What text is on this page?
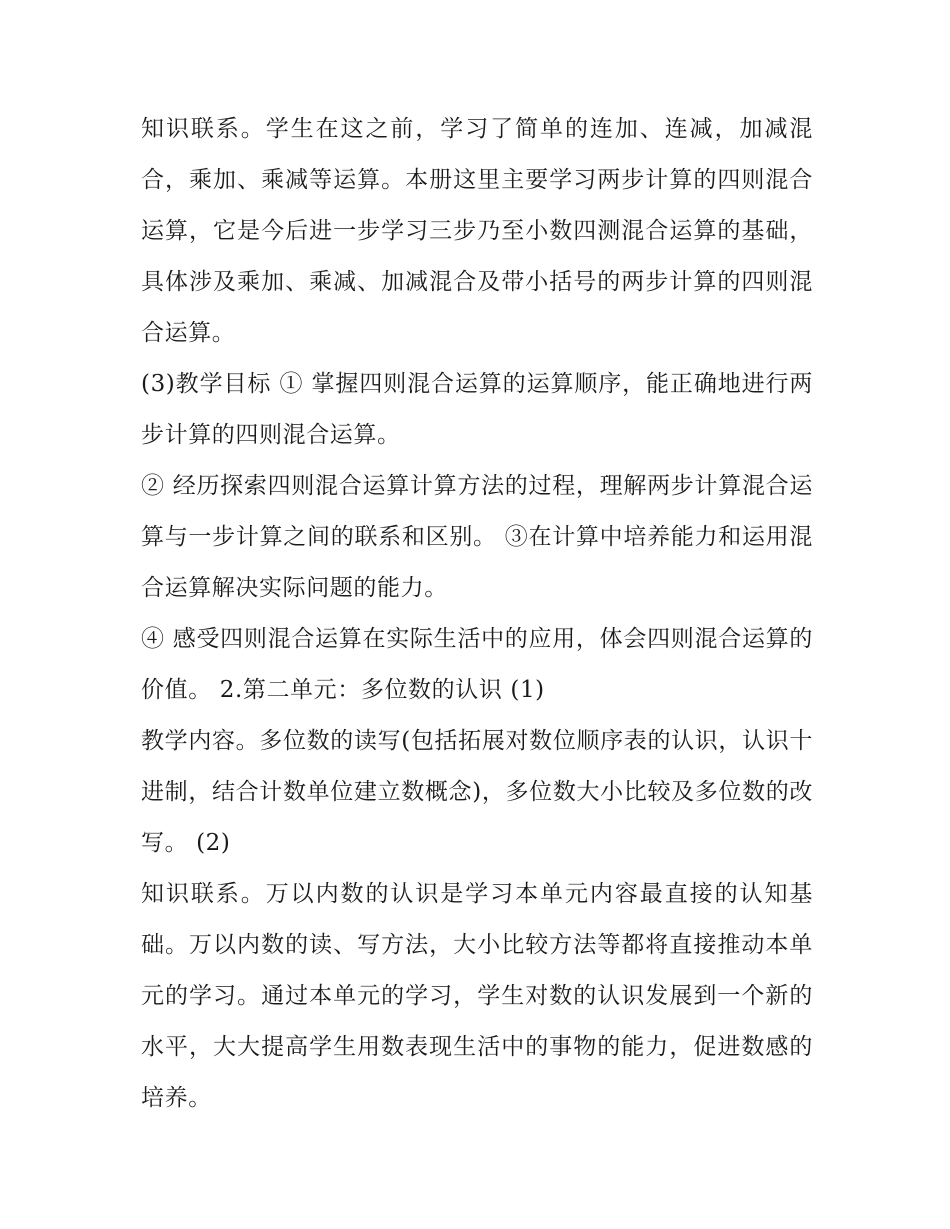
知识联系。学生在这之前，学习了简单的连加、连减，加减混合，乘加、乘减等运算。本册这里主要学习两步计算的四则混合运算，它是今后进一步学习三步乃至小数四测混合运算的基础，具体涉及乘加、乘减、加减混合及带小括号的两步计算的四则混合运算。

(3)教学目标 ① 掌握四则混合运算的运算顺序，能正确地进行两步计算的四则混合运算。

② 经历探索四则混合运算计算方法的过程，理解两步计算混合运算与一步计算之间的联系和区别。 ③在计算中培养能力和运用混合运算解决实际问题的能力。

④ 感受四则混合运算在实际生活中的应用，体会四则混合运算的价值。 2.第二单元：多位数的认识 (1)

教学内容。多位数的读写(包括拓展对数位顺序表的认识，认识十进制，结合计数单位建立数概念)，多位数大小比较及多位数的改写。 (2)

知识联系。万以内数的认识是学习本单元内容最直接的认知基础。万以内数的读、写方法，大小比较方法等都将直接推动本单元的学习。通过本单元的学习，学生对数的认识发展到一个新的水平，大大提高学生用数表现生活中的事物的能力，促进数感的培养。
